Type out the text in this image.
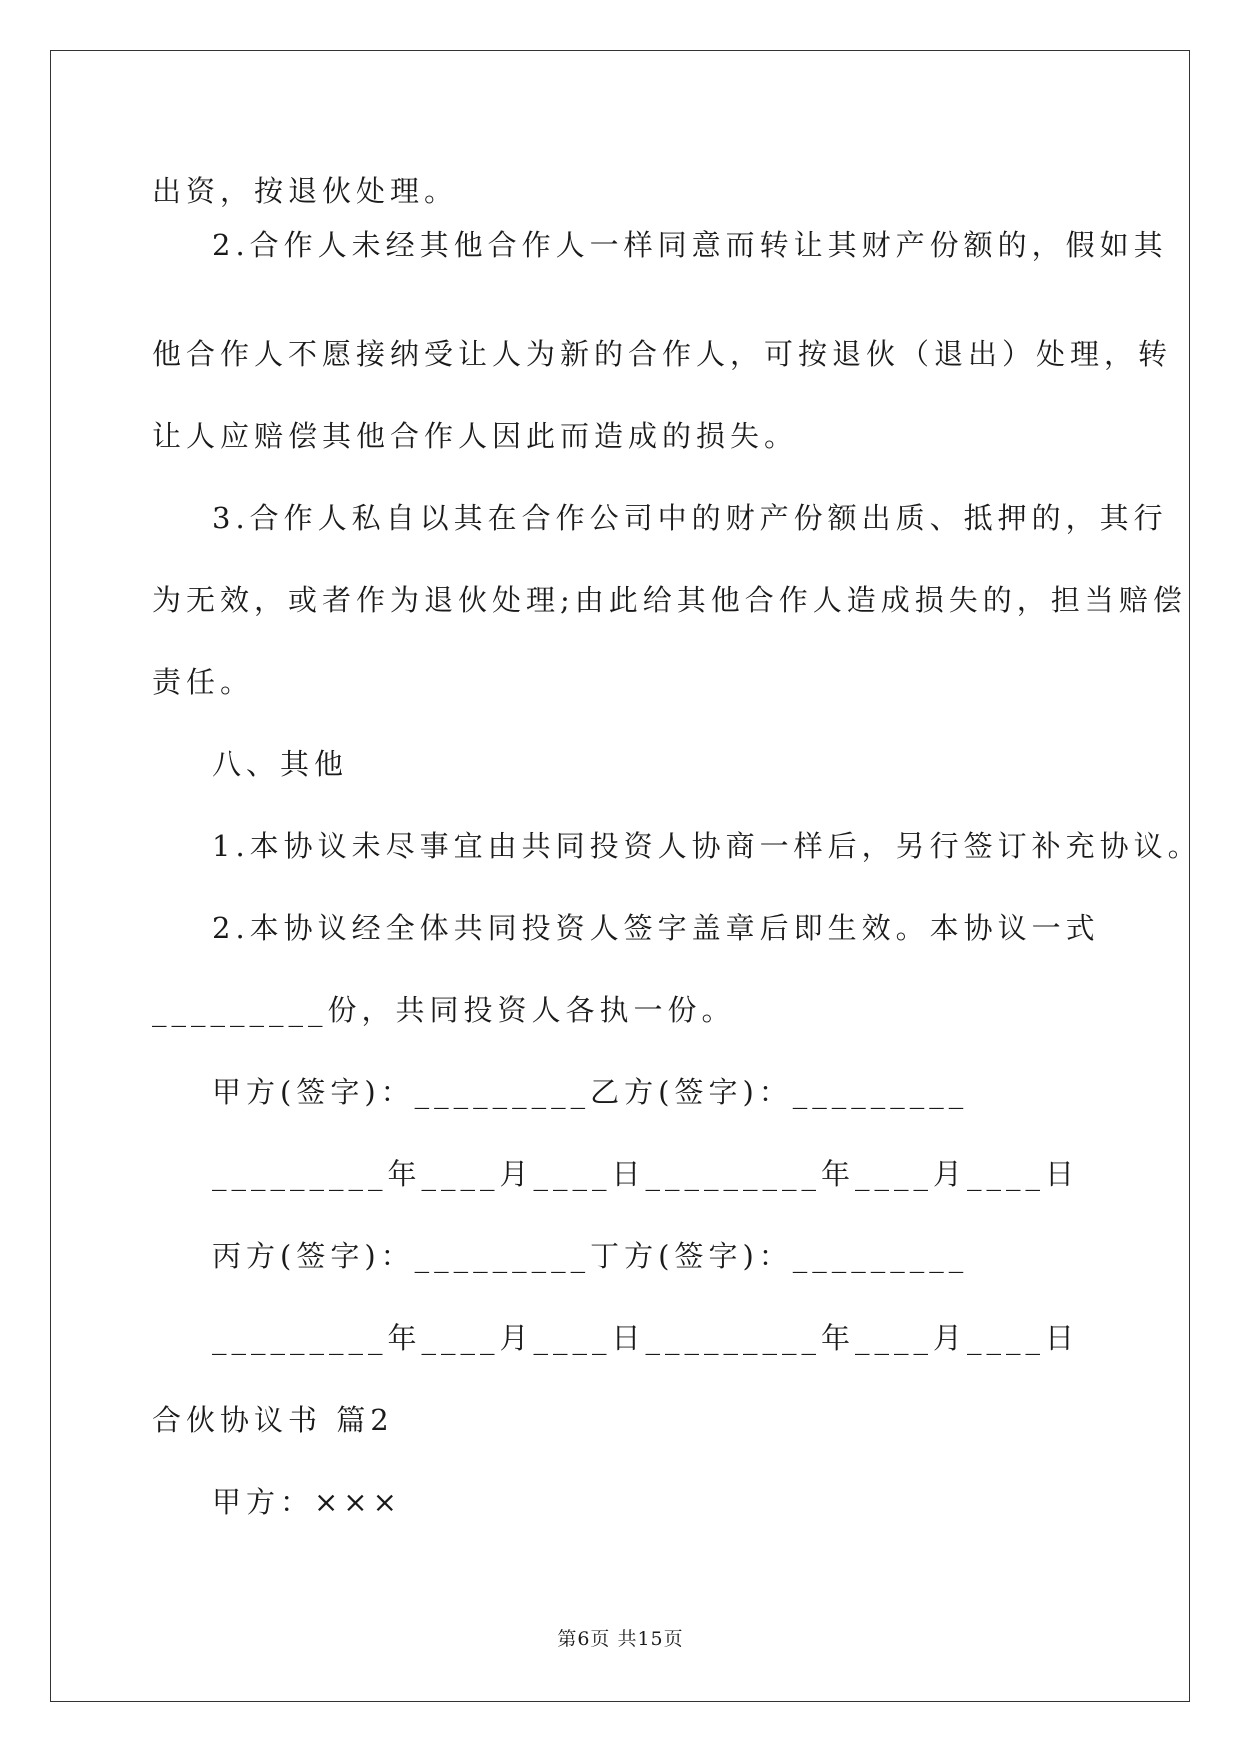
出资，按退伙处理。
2.合作人未经其他合作人一样同意而转让其财产份额的，假如其
他合作人不愿接纳受让人为新的合作人，可按退伙（退出）处理，转
让人应赔偿其他合作人因此而造成的损失。
3.合作人私自以其在合作公司中的财产份额出质、抵押的，其行
为无效，或者作为退伙处理;由此给其他合作人造成损失的，担当赔偿
责任。
八、其他
1.本协议未尽事宜由共同投资人协商一样后，另行签订补充协议。
2.本协议经全体共同投资人签字盖章后即生效。本协议一式
_________份，共同投资人各执一份。
甲方(签字)：_________乙方(签字)：_________
_________年____月____日_________年____月____日
丙方(签字)：_________丁方(签字)：_________
_________年____月____日_________年____月____日
合伙协议书 篇2
甲方：×××
第6页 共15页
